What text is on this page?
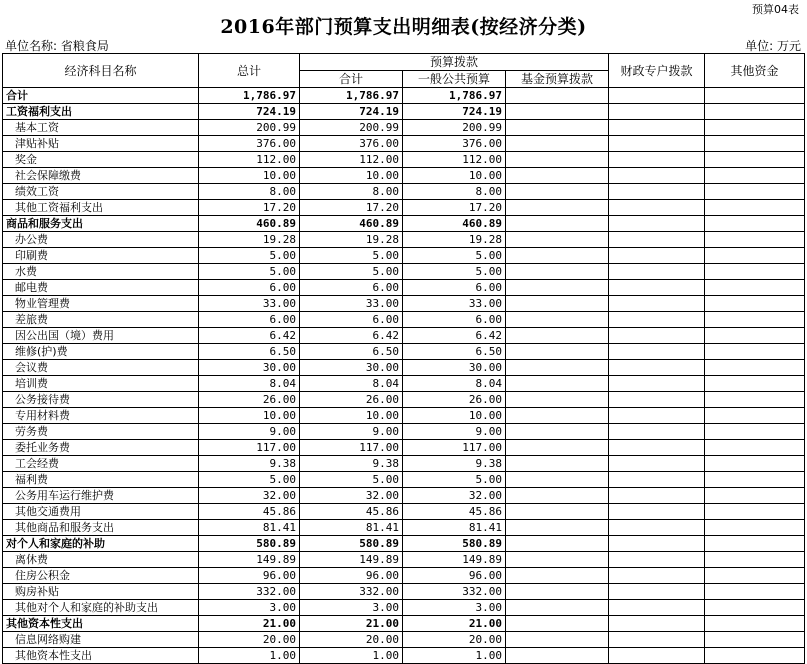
预算04表
2016年部门预算支出明细表(按经济分类)
单位名称: 省粮食局	单位: 万元
经济科目名称	总计	预算拨款			财政专户拨款	其他资金
		合计	一般公共预算	基金预算拨款		
合计	1,786.97	1,786.97	1,786.97			
工资福利支出	724.19	724.19	724.19			
基本工资	200.99	200.99	200.99			
津贴补贴	376.00	376.00	376.00			
奖金	112.00	112.00	112.00			
社会保障缴费	10.00	10.00	10.00			
绩效工资	8.00	8.00	8.00			
其他工资福利支出	17.20	17.20	17.20			
商品和服务支出	460.89	460.89	460.89			
办公费	19.28	19.28	19.28			
印刷费	5.00	5.00	5.00			
水费	5.00	5.00	5.00			
邮电费	6.00	6.00	6.00			
物业管理费	33.00	33.00	33.00			
差旅费	6.00	6.00	6.00			
因公出国（境）费用	6.42	6.42	6.42			
维修(护)费	6.50	6.50	6.50			
会议费	30.00	30.00	30.00			
培训费	8.04	8.04	8.04			
公务接待费	26.00	26.00	26.00			
专用材料费	10.00	10.00	10.00			
劳务费	9.00	9.00	9.00			
委托业务费	117.00	117.00	117.00			
工会经费	9.38	9.38	9.38			
福利费	5.00	5.00	5.00			
公务用车运行维护费	32.00	32.00	32.00			
其他交通费用	45.86	45.86	45.86			
其他商品和服务支出	81.41	81.41	81.41			
对个人和家庭的补助	580.89	580.89	580.89			
离休费	149.89	149.89	149.89			
住房公积金	96.00	96.00	96.00			
购房补贴	332.00	332.00	332.00			
其他对个人和家庭的补助支出	3.00	3.00	3.00			
其他资本性支出	21.00	21.00	21.00			
信息网络购建	20.00	20.00	20.00			
其他资本性支出	1.00	1.00	1.00			
